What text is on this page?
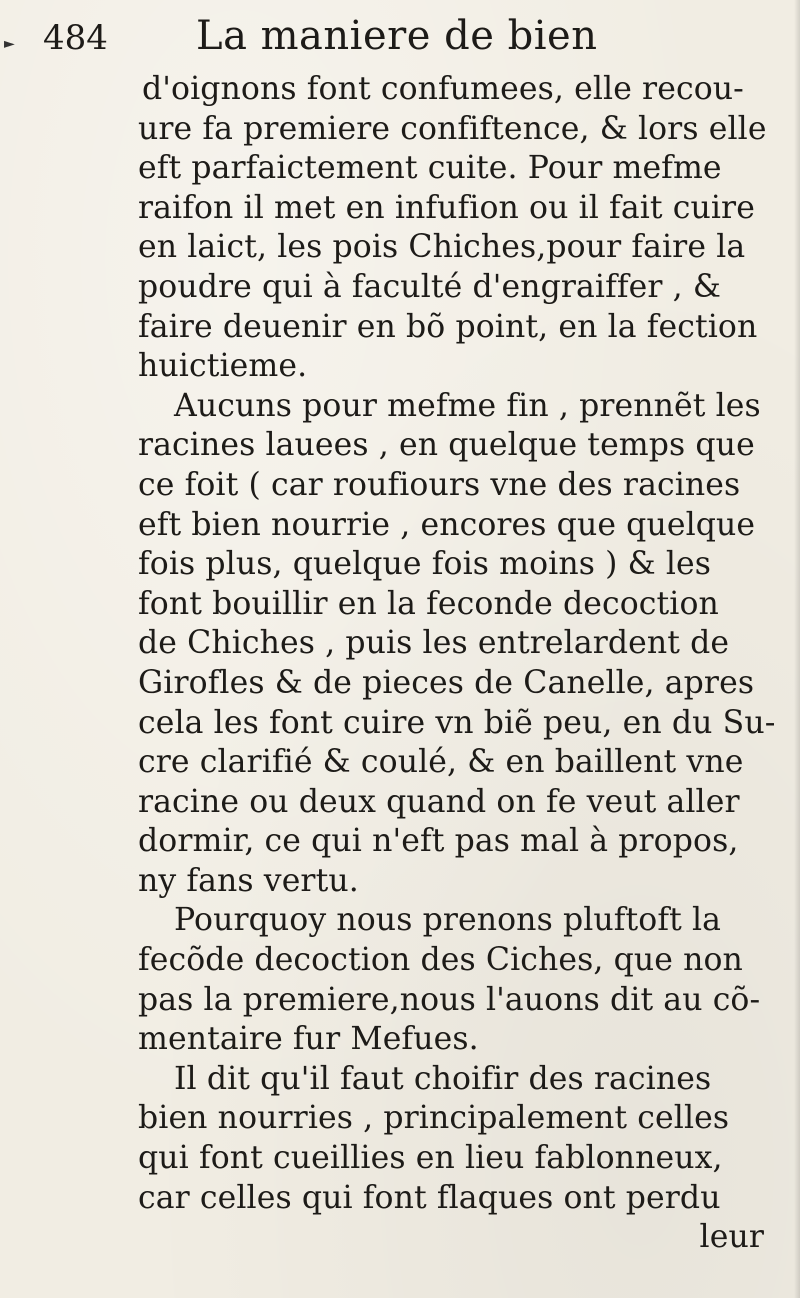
► 484 La maniere de bien
d'oignons font confumees, elle recou-
ure fa premiere confiftence, & lors elle
eft parfaictement cuite. Pour mefme
raifon il met en infufion ou il fait cuire
en laict, les pois Chiches,pour faire la
poudre qui à faculté d'engraiffer , &
faire deuenir en bõ point, en la fection
huictieme.
Aucuns pour mefme fin , prennẽt les
racines lauees , en quelque temps que
ce foit ( car roufiours vne des racines
eft bien nourrie , encores que quelque
fois plus, quelque fois moins ) & les
font bouillir en la feconde decoction
de Chiches , puis les entrelardent de
Girofles & de pieces de Canelle, apres
cela les font cuire vn biẽ peu, en du Su-
cre clarifié & coulé, & en baillent vne
racine ou deux quand on fe veut aller
dormir, ce qui n'eft pas mal à propos,
ny fans vertu.
Pourquoy nous prenons pluftoft la
fecõde decoction des Ciches, que non
pas la premiere,nous l'auons dit au cõ-
mentaire fur Mefues.
Il dit qu'il faut choifir des racines
bien nourries , principalement celles
qui font cueillies en lieu fablonneux,
car celles qui font flaques ont perdu
leur
